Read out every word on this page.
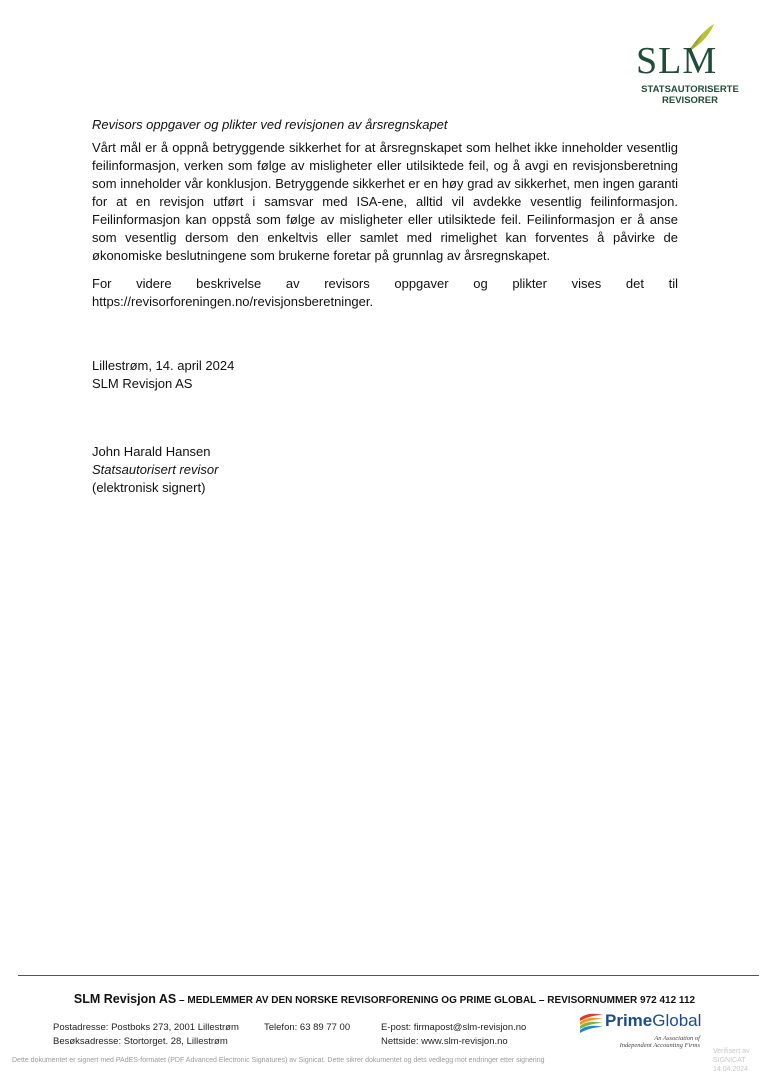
SLM
STATSAUTORISERTE
REVISORER
Revisors oppgaver og plikter ved revisjonen av årsregnskapet
Vårt mål er å oppnå betryggende sikkerhet for at årsregnskapet som helhet ikke inneholder vesentlig feilinformasjon, verken som følge av misligheter eller utilsiktede feil, og å avgi en revisjonsberetning som inneholder vår konklusjon. Betryggende sikkerhet er en høy grad av sikkerhet, men ingen garanti for at en revisjon utført i samsvar med ISA-ene, alltid vil avdekke vesentlig feilinformasjon. Feilinformasjon kan oppstå som følge av misligheter eller utilsiktede feil. Feilinformasjon er å anse som vesentlig dersom den enkeltvis eller samlet med rimelighet kan forventes å påvirke de økonomiske beslutningene som brukerne foretar på grunnlag av årsregnskapet.
For videre beskrivelse av revisors oppgaver og plikter vises det til
https://revisorforeningen.no/revisjonsberetninger.
Lillestrøm, 14. april 2024
SLM Revisjon AS
John Harald Hansen
Statsautorisert revisor
(elektronisk signert)
SLM Revisjon AS – MEDLEMMER AV DEN NORSKE REVISORFORENING OG PRIME GLOBAL – REVISORNUMMER 972 412 112
Postadresse: Postboks 273, 2001 Lillestrøm
Besøksadresse: Stortorget. 28, Lillestrøm
Telefon: 63 89 77 00	E-post: firmapost@slm-revisjon.no
Nettside: www.slm-revisjon.no
PrimeGlobal
An Association of
Independent Accounting Firms
Dette dokumentet er signert med PAdES-formatet (PDF Advanced Electronic Signatures) av Signicat. Dette sikrer dokumentet og dets vedlegg mot endringer etter signering
Verifisert av
SIGNICAT
14.04.2024
